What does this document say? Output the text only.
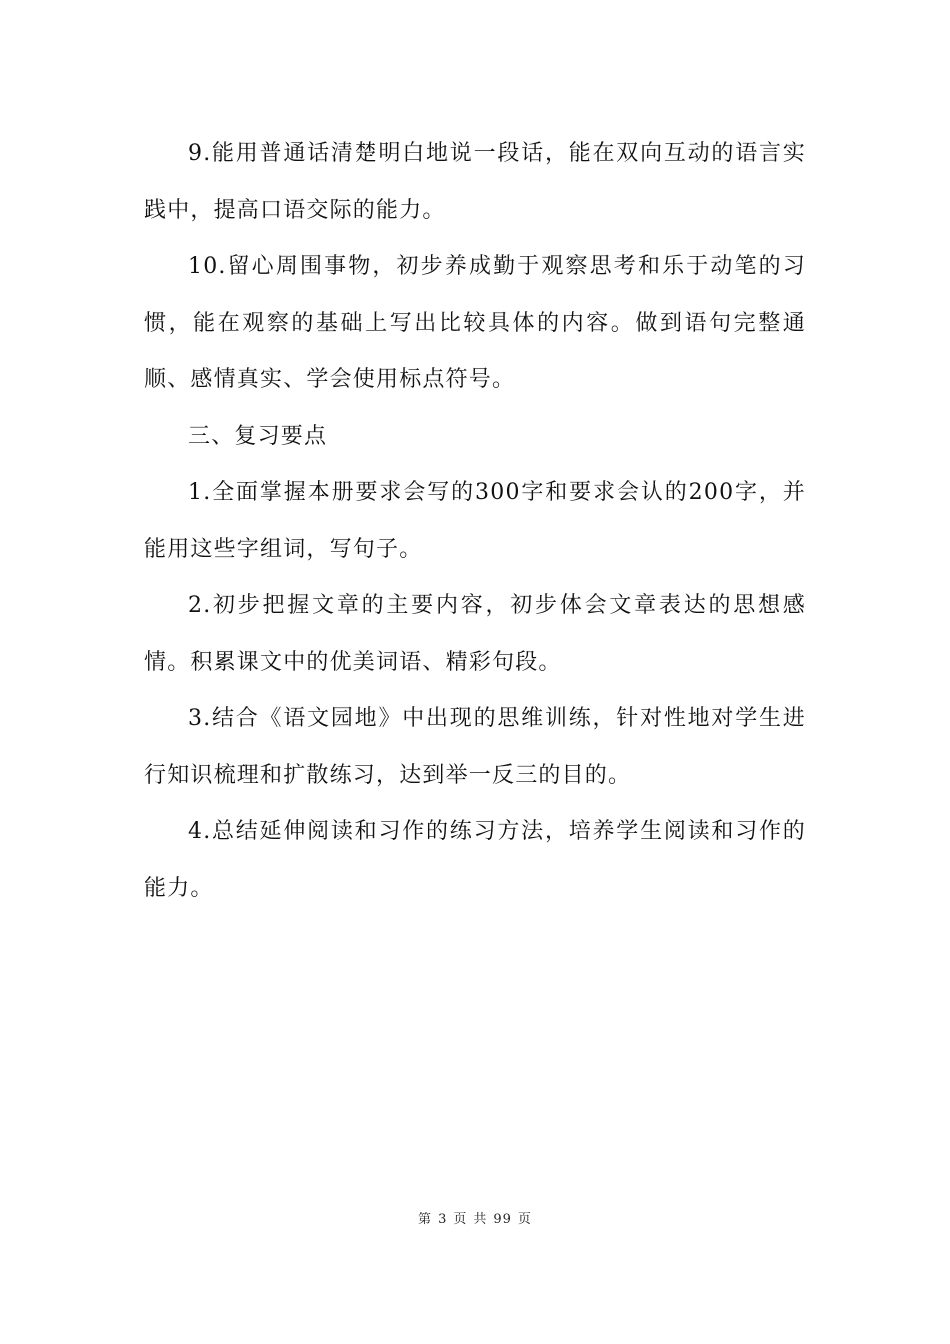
9.能用普通话清楚明白地说一段话，能在双向互动的语言实践中，提高口语交际的能力。

10.留心周围事物，初步养成勤于观察思考和乐于动笔的习惯，能在观察的基础上写出比较具体的内容。做到语句完整通顺、感情真实、学会使用标点符号。

三、复习要点

1.全面掌握本册要求会写的300字和要求会认的200字，并能用这些字组词，写句子。

2.初步把握文章的主要内容，初步体会文章表达的思想感情。积累课文中的优美词语、精彩句段。

3.结合《语文园地》中出现的思维训练，针对性地对学生进行知识梳理和扩散练习，达到举一反三的目的。

4.总结延伸阅读和习作的练习方法，培养学生阅读和习作的能力。

第 3 页 共 99 页
